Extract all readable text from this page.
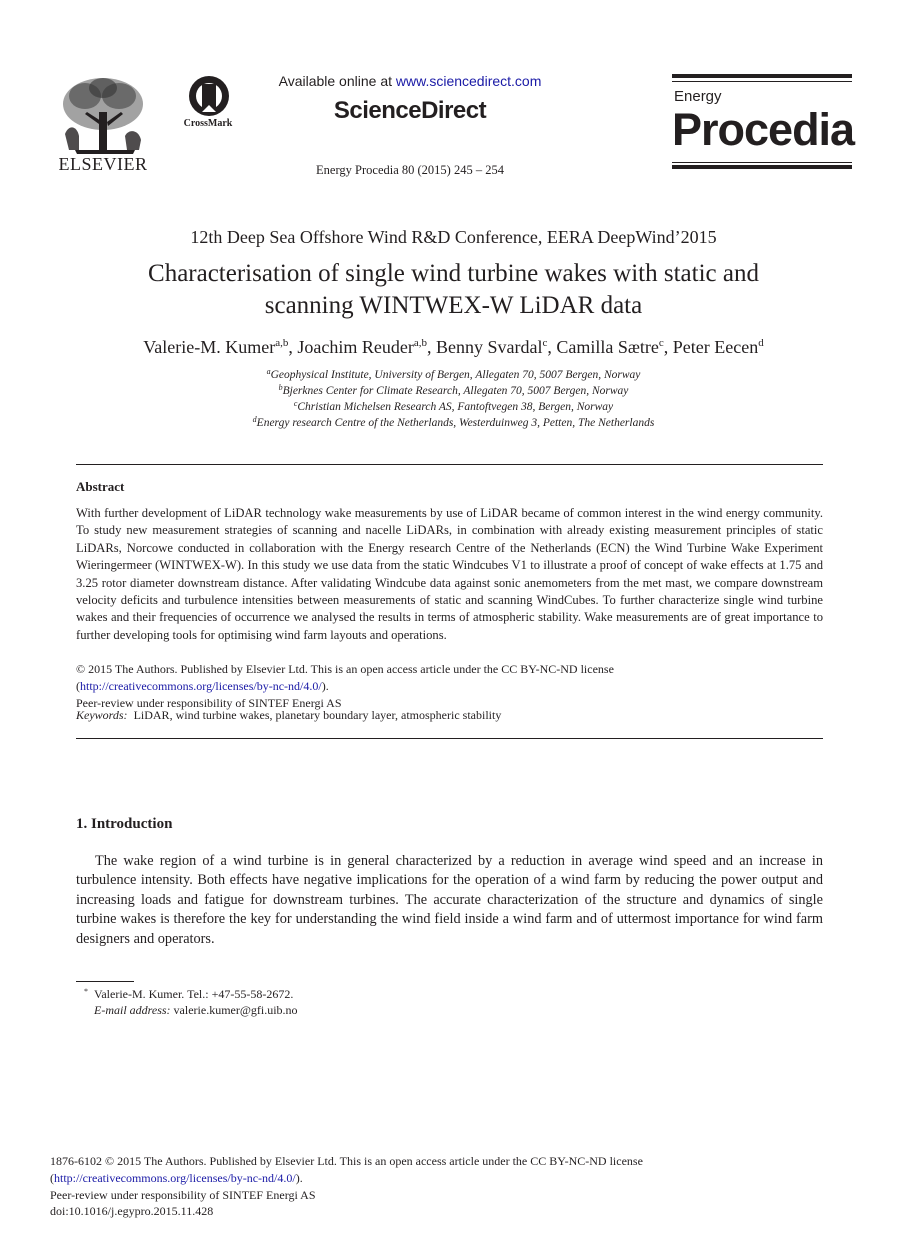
ELSEVIER
CrossMark
Available online at www.sciencedirect.com
ScienceDirect
Energy Procedia 80 (2015) 245 – 254
Energy
Procedia
12th Deep Sea Offshore Wind R&D Conference, EERA DeepWind’2015
Characterisation of single wind turbine wakes with static and
scanning WINTWEX-W LiDAR data
Valerie-M. Kumer$^{a,b}$, Joachim Reuder$^{a,b}$, Benny Svardal$^c$, Camilla Sætre$^c$, Peter Eecen$^d$
$^a$Geophysical Institute, University of Bergen, Allegaten 70, 5007 Bergen, Norway
$^b$Bjerknes Center for Climate Research, Allegaten 70, 5007 Bergen, Norway
$^c$Christian Michelsen Research AS, Fantoftvegen 38, Bergen, Norway
$^d$Energy research Centre of the Netherlands, Westerduinweg 3, Petten, The Netherlands
Abstract
With further development of LiDAR technology wake measurements by use of LiDAR became of common interest in the wind energy community. To study new measurement strategies of scanning and nacelle LiDARs, in combination with already existing measurement principles of static LiDARs, Norcowe conducted in collaboration with the Energy research Centre of the Netherlands (ECN) the Wind Turbine Wake Experiment Wieringermeer (WINTWEX-W). In this study we use data from the static Windcubes V1 to illustrate a proof of concept of wake effects at 1.75 and 3.25 rotor diameter downstream distance. After validating Windcube data against sonic anemometers from the met mast, we compare downstream velocity deficits and turbulence intensities between measurements of static and scanning WindCubes. To further characterize single wind turbine wakes and their frequencies of occurrence we analysed the results in terms of atmospheric stability. Wake measurements are of great importance to further developing tools for optimising wind farm layouts and operations.
© 2015 The Authors. Published by Elsevier Ltd. This is an open access article under the CC BY-NC-ND license
(http://creativecommons.org/licenses/by-nc-nd/4.0/).
Peer-review under responsibility of SINTEF Energi AS
Keywords: LiDAR, wind turbine wakes, planetary boundary layer, atmospheric stability
1. Introduction
The wake region of a wind turbine is in general characterized by a reduction in average wind speed and an increase in turbulence intensity. Both effects have negative implications for the operation of a wind farm by reducing the power output and increasing loads and fatigue for downstream turbines. The accurate characterization of the structure and dynamics of single turbine wakes is therefore the key for understanding the wind field inside a wind farm and of uttermost importance for wind farm designers and operators.
* Valerie-M. Kumer. Tel.: +47-55-58-2672.
E-mail address: valerie.kumer@gfi.uib.no
1876-6102 © 2015 The Authors. Published by Elsevier Ltd. This is an open access article under the CC BY-NC-ND license
(http://creativecommons.org/licenses/by-nc-nd/4.0/).
Peer-review under responsibility of SINTEF Energi AS
doi:10.1016/j.egypro.2015.11.428
